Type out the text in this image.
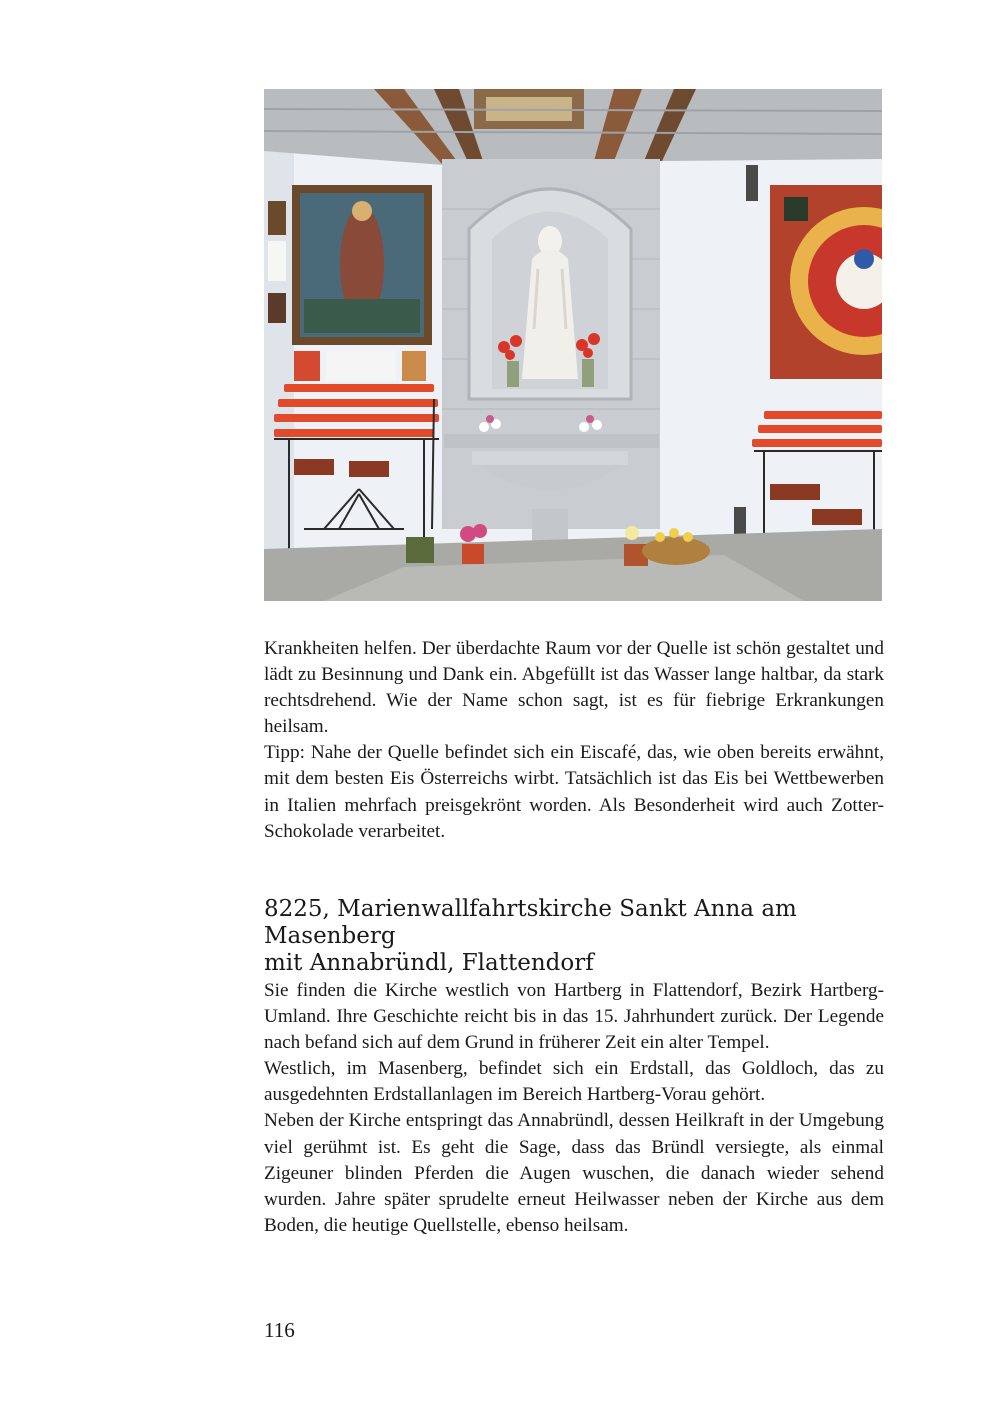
Krankheiten helfen. Der überdachte Raum vor der Quelle ist schön gestaltet und lädt zu Besinnung und Dank ein. Abgefüllt ist das Wasser lange haltbar, da stark rechtsdrehend. Wie der Name schon sagt, ist es für fiebrige Erkrankungen heilsam.

Tipp: Nahe der Quelle befindet sich ein Eiscafé, das, wie oben bereits erwähnt, mit dem besten Eis Österreichs wirbt. Tatsächlich ist das Eis bei Wettbewerben in Italien mehrfach preisgekrönt worden. Als Besonderheit wird auch Zotter-Schokolade verarbeitet.

8225, Marienwallfahrtskirche Sankt Anna am Masenberg
mit Annabründl, Flattendorf

Sie finden die Kirche westlich von Hartberg in Flattendorf, Bezirk Hartberg-Umland. Ihre Geschichte reicht bis in das 15. Jahrhundert zurück. Der Legende nach befand sich auf dem Grund in früherer Zeit ein alter Tempel.

Westlich, im Masenberg, befindet sich ein Erdstall, das Goldloch, das zu ausgedehnten Erdstallanlagen im Bereich Hartberg-Vorau gehört.

Neben der Kirche entspringt das Annabründl, dessen Heilkraft in der Umgebung viel gerühmt ist. Es geht die Sage, dass das Bründl versiegte, als einmal Zigeuner blinden Pferden die Augen wuschen, die danach wieder sehend wurden. Jahre später sprudelte erneut Heilwasser neben der Kirche aus dem Boden, die heutige Quellstelle, ebenso heilsam.

116
